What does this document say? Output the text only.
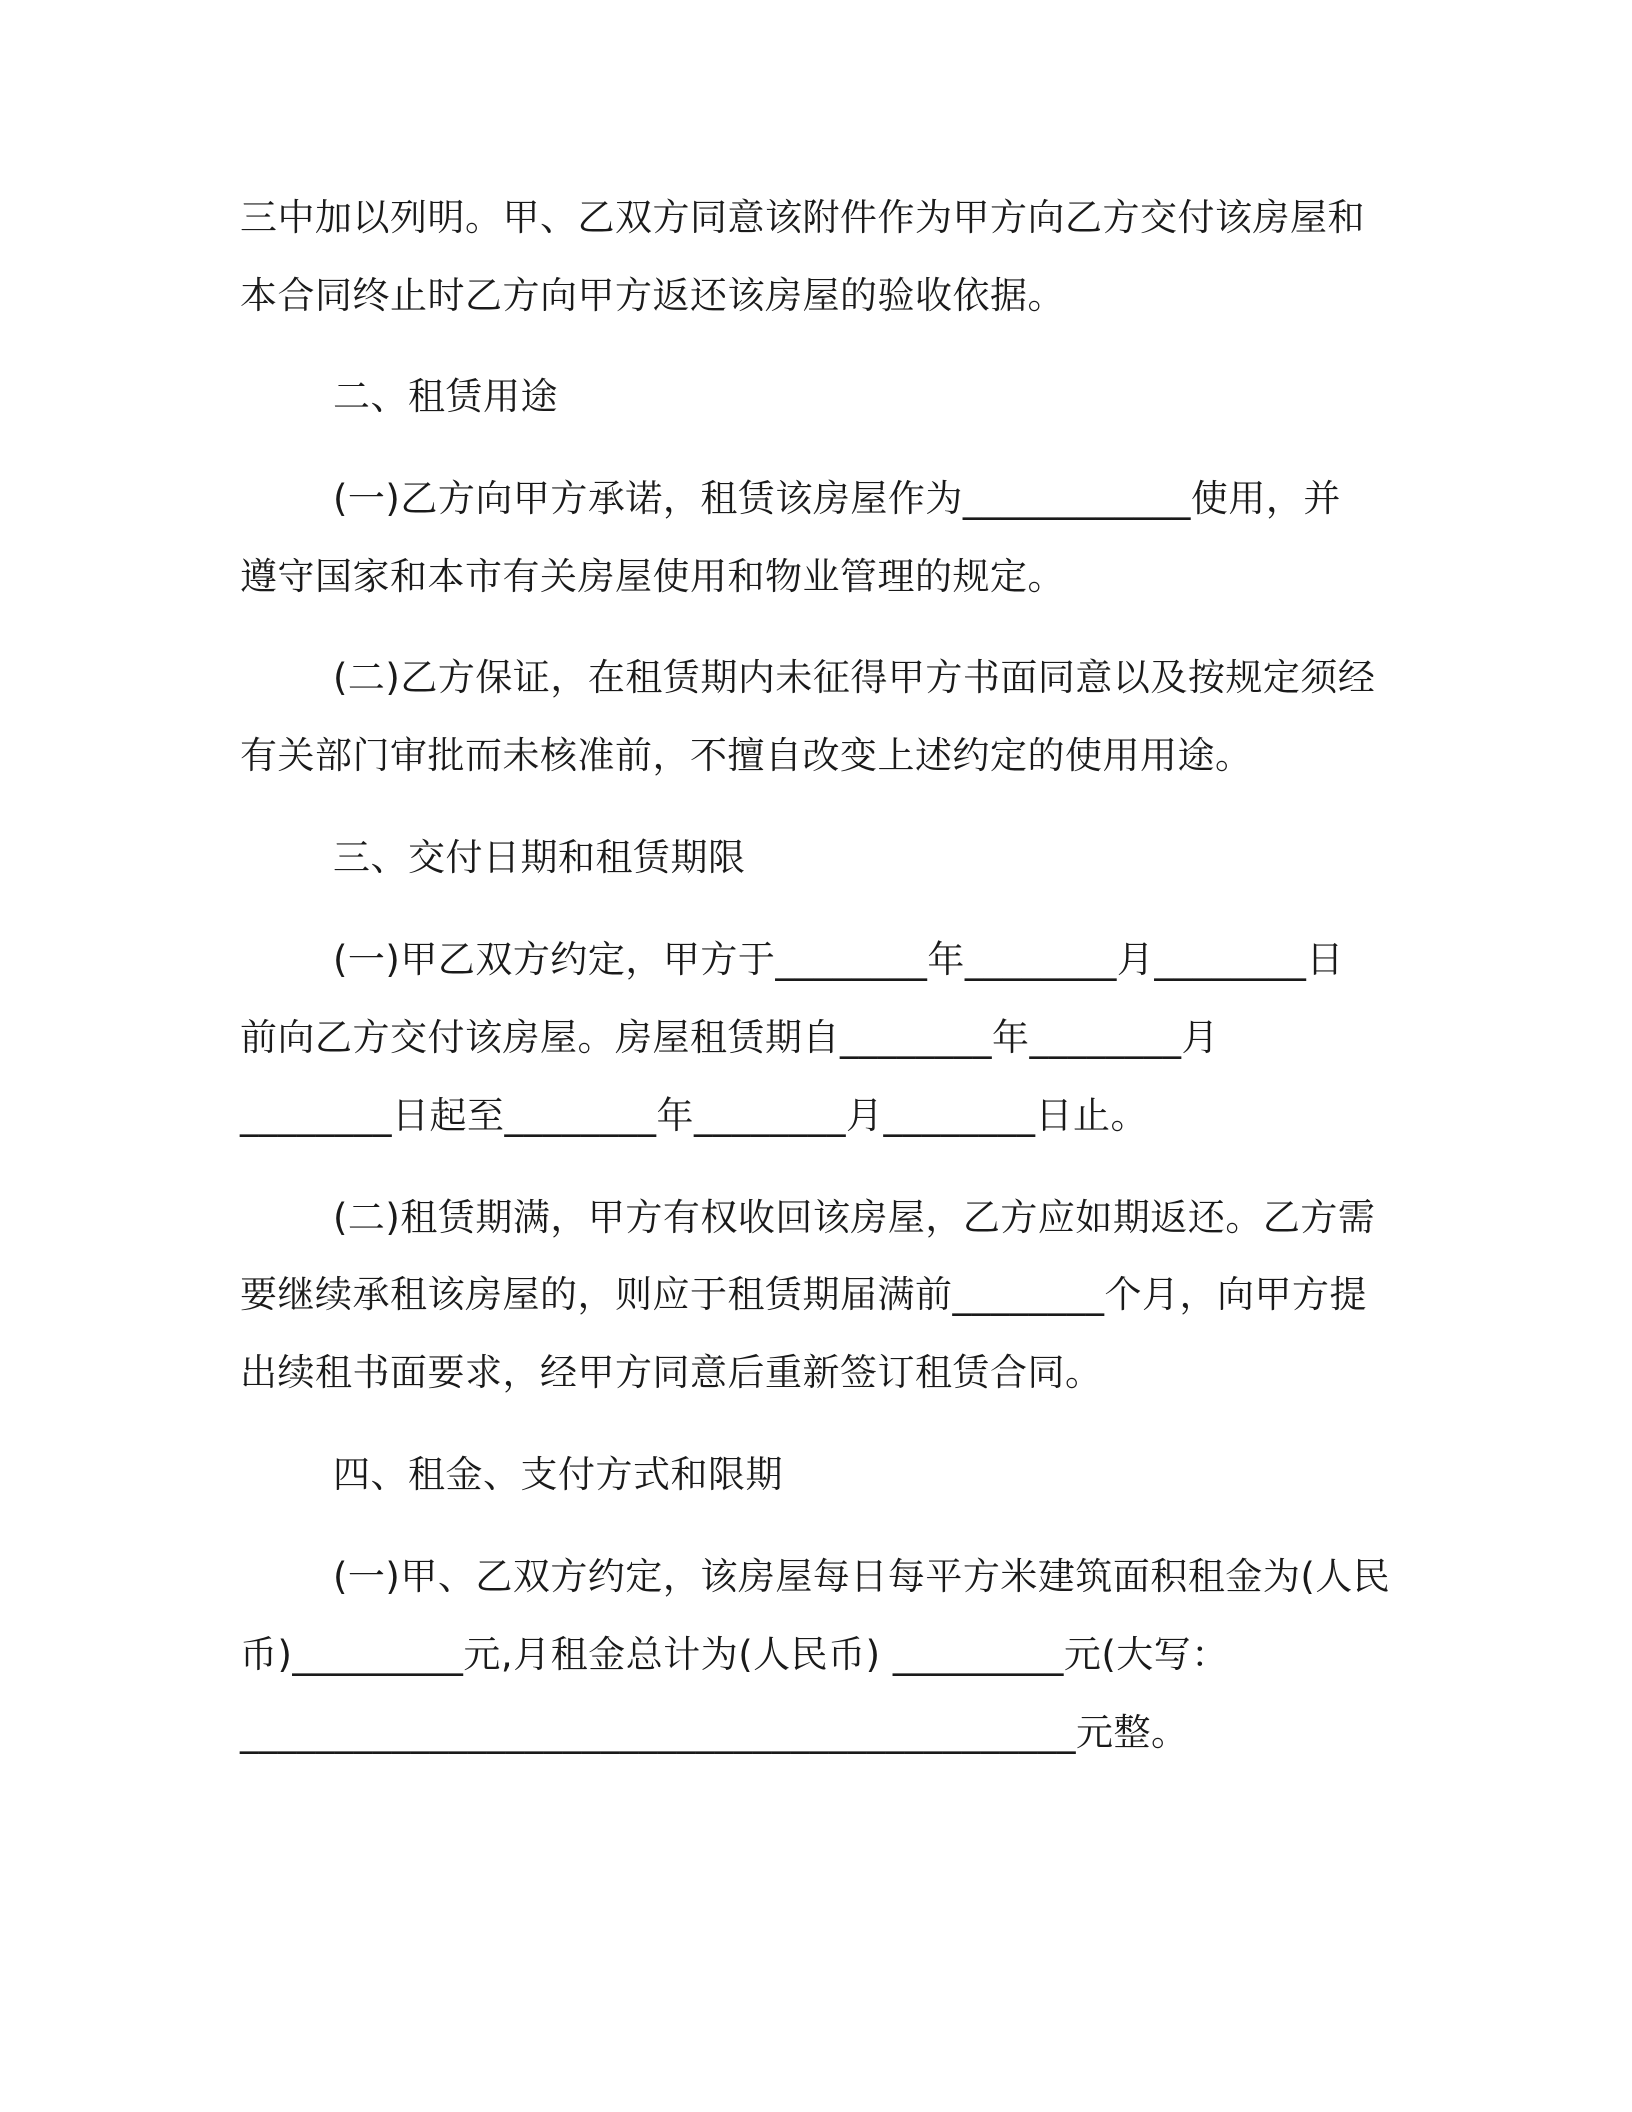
三中加以列明。甲、乙双方同意该附件作为甲方向乙方交付该房屋和
本合同终止时乙方向甲方返还该房屋的验收依据。
二、租赁用途
(一)乙方向甲方承诺，租赁该房屋作为____________使用，并
遵守国家和本市有关房屋使用和物业管理的规定。
(二)乙方保证，在租赁期内未征得甲方书面同意以及按规定须经
有关部门审批而未核准前，不擅自改变上述约定的使用用途。
三、交付日期和租赁期限
(一)甲乙双方约定，甲方于________年________月________日
前向乙方交付该房屋。房屋租赁期自________年________月
________日起至________年________月________日止。
(二)租赁期满，甲方有权收回该房屋，乙方应如期返还。乙方需
要继续承租该房屋的，则应于租赁期届满前________个月，向甲方提
出续租书面要求，经甲方同意后重新签订租赁合同。
四、租金、支付方式和限期
(一)甲、乙双方约定，该房屋每日每平方米建筑面积租金为(人民
币)_________元,月租金总计为(人民币) _________元(大写：
____________________________________________元整。
